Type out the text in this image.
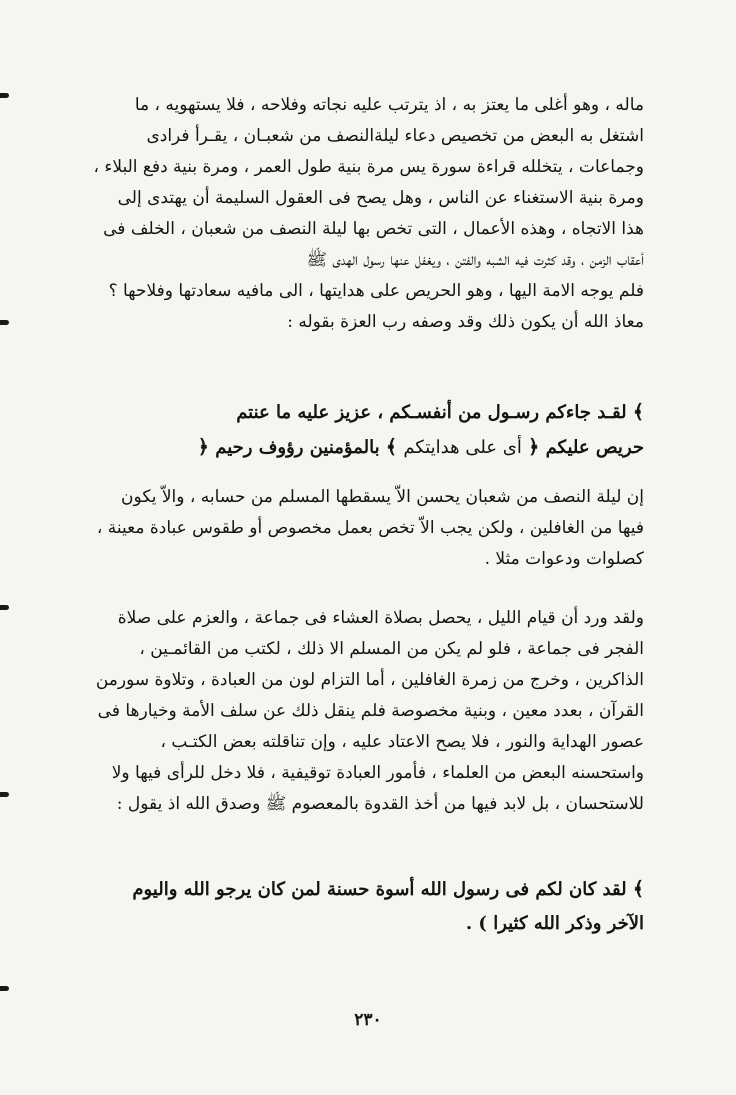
ماله ، وهو أغلى ما يعتز به ، اذ يترتب عليه نجاته وفلاحه ، فلا يستهويه ، ما
اشتغل به البعض من تخصيص دعاء ليلةالنصف من شعبـان ، يقـرأ فرادى
وجماعات ، يتخلله قراءة سورة يس مرة بنية طول العمر ، ومرة بنية دفع البلاء ،
ومرة بنية الاستغناء عن الناس ، وهل يصح فى العقول السليمة أن يهتدى إلى
هذا الاتجاه ، وهذه الأعمال ، التى تخص بها ليلة النصف من شعبان ، الخلف فى
أعقاب الزمن ، وقد كثرت فيه الشبه والفتن ، ويغفل عنها رسول الهدى ﷺ
فلم يوجه الامة اليها ، وهو الحريص على هدايتها ، الى مافيه سعادتها وفلاحها ؟
معاذ الله أن يكون ذلك وقد وصفه رب العزة بقوله :
﴾ لقـد جاءكم رسـول من أنفسـكم ، عزيز عليه ما عنتم
حريص عليكم ﴿ أى على هدايتكم ﴾ بالمؤمنين رؤوف رحيم ﴿
إن ليلة النصف من شعبان يحسن الاّ يسقطها المسلم من حسابه ، والاّ يكون
فيها من الغافلين ، ولكن يجب الاّ تخص بعمل مخصوص أو طقوس عبادة معينة ،
كصلوات ودعوات مثلا .
ولقد ورد أن قيام الليل ، يحصل بصلاة العشاء فى جماعة ، والعزم على صلاة
الفجر فى جماعة ، فلو لم يكن من المسلم الا ذلك ، لكتب من القائمـين ،
الذاكرين ، وخرج من زمرة الغافلين ، أما التزام لون من العبادة ، وتلاوة سورمن
القرآن ، بعدد معين ، وبنية مخصوصة فلم ينقل ذلك عن سلف الأمة وخيارها فى
عصور الهداية والنور ، فلا يصح الاعتاد عليه ، وإن تناقلته بعض الكتـب ،
واستحسنه البعض من العلماء ، فأمور العبادة توقيفية ، فلا دخل للرأى فيها ولا
للاستحسان ، بل لابد فيها من أخذ القدوة بالمعصوم ﷺ وصدق الله اذ يقول :
﴾ لقد كان لكم فى رسول الله أسوة حسنة لمن كان يرجو الله واليوم
الآخر وذكر الله كثيرا ) .
٢٣٠
